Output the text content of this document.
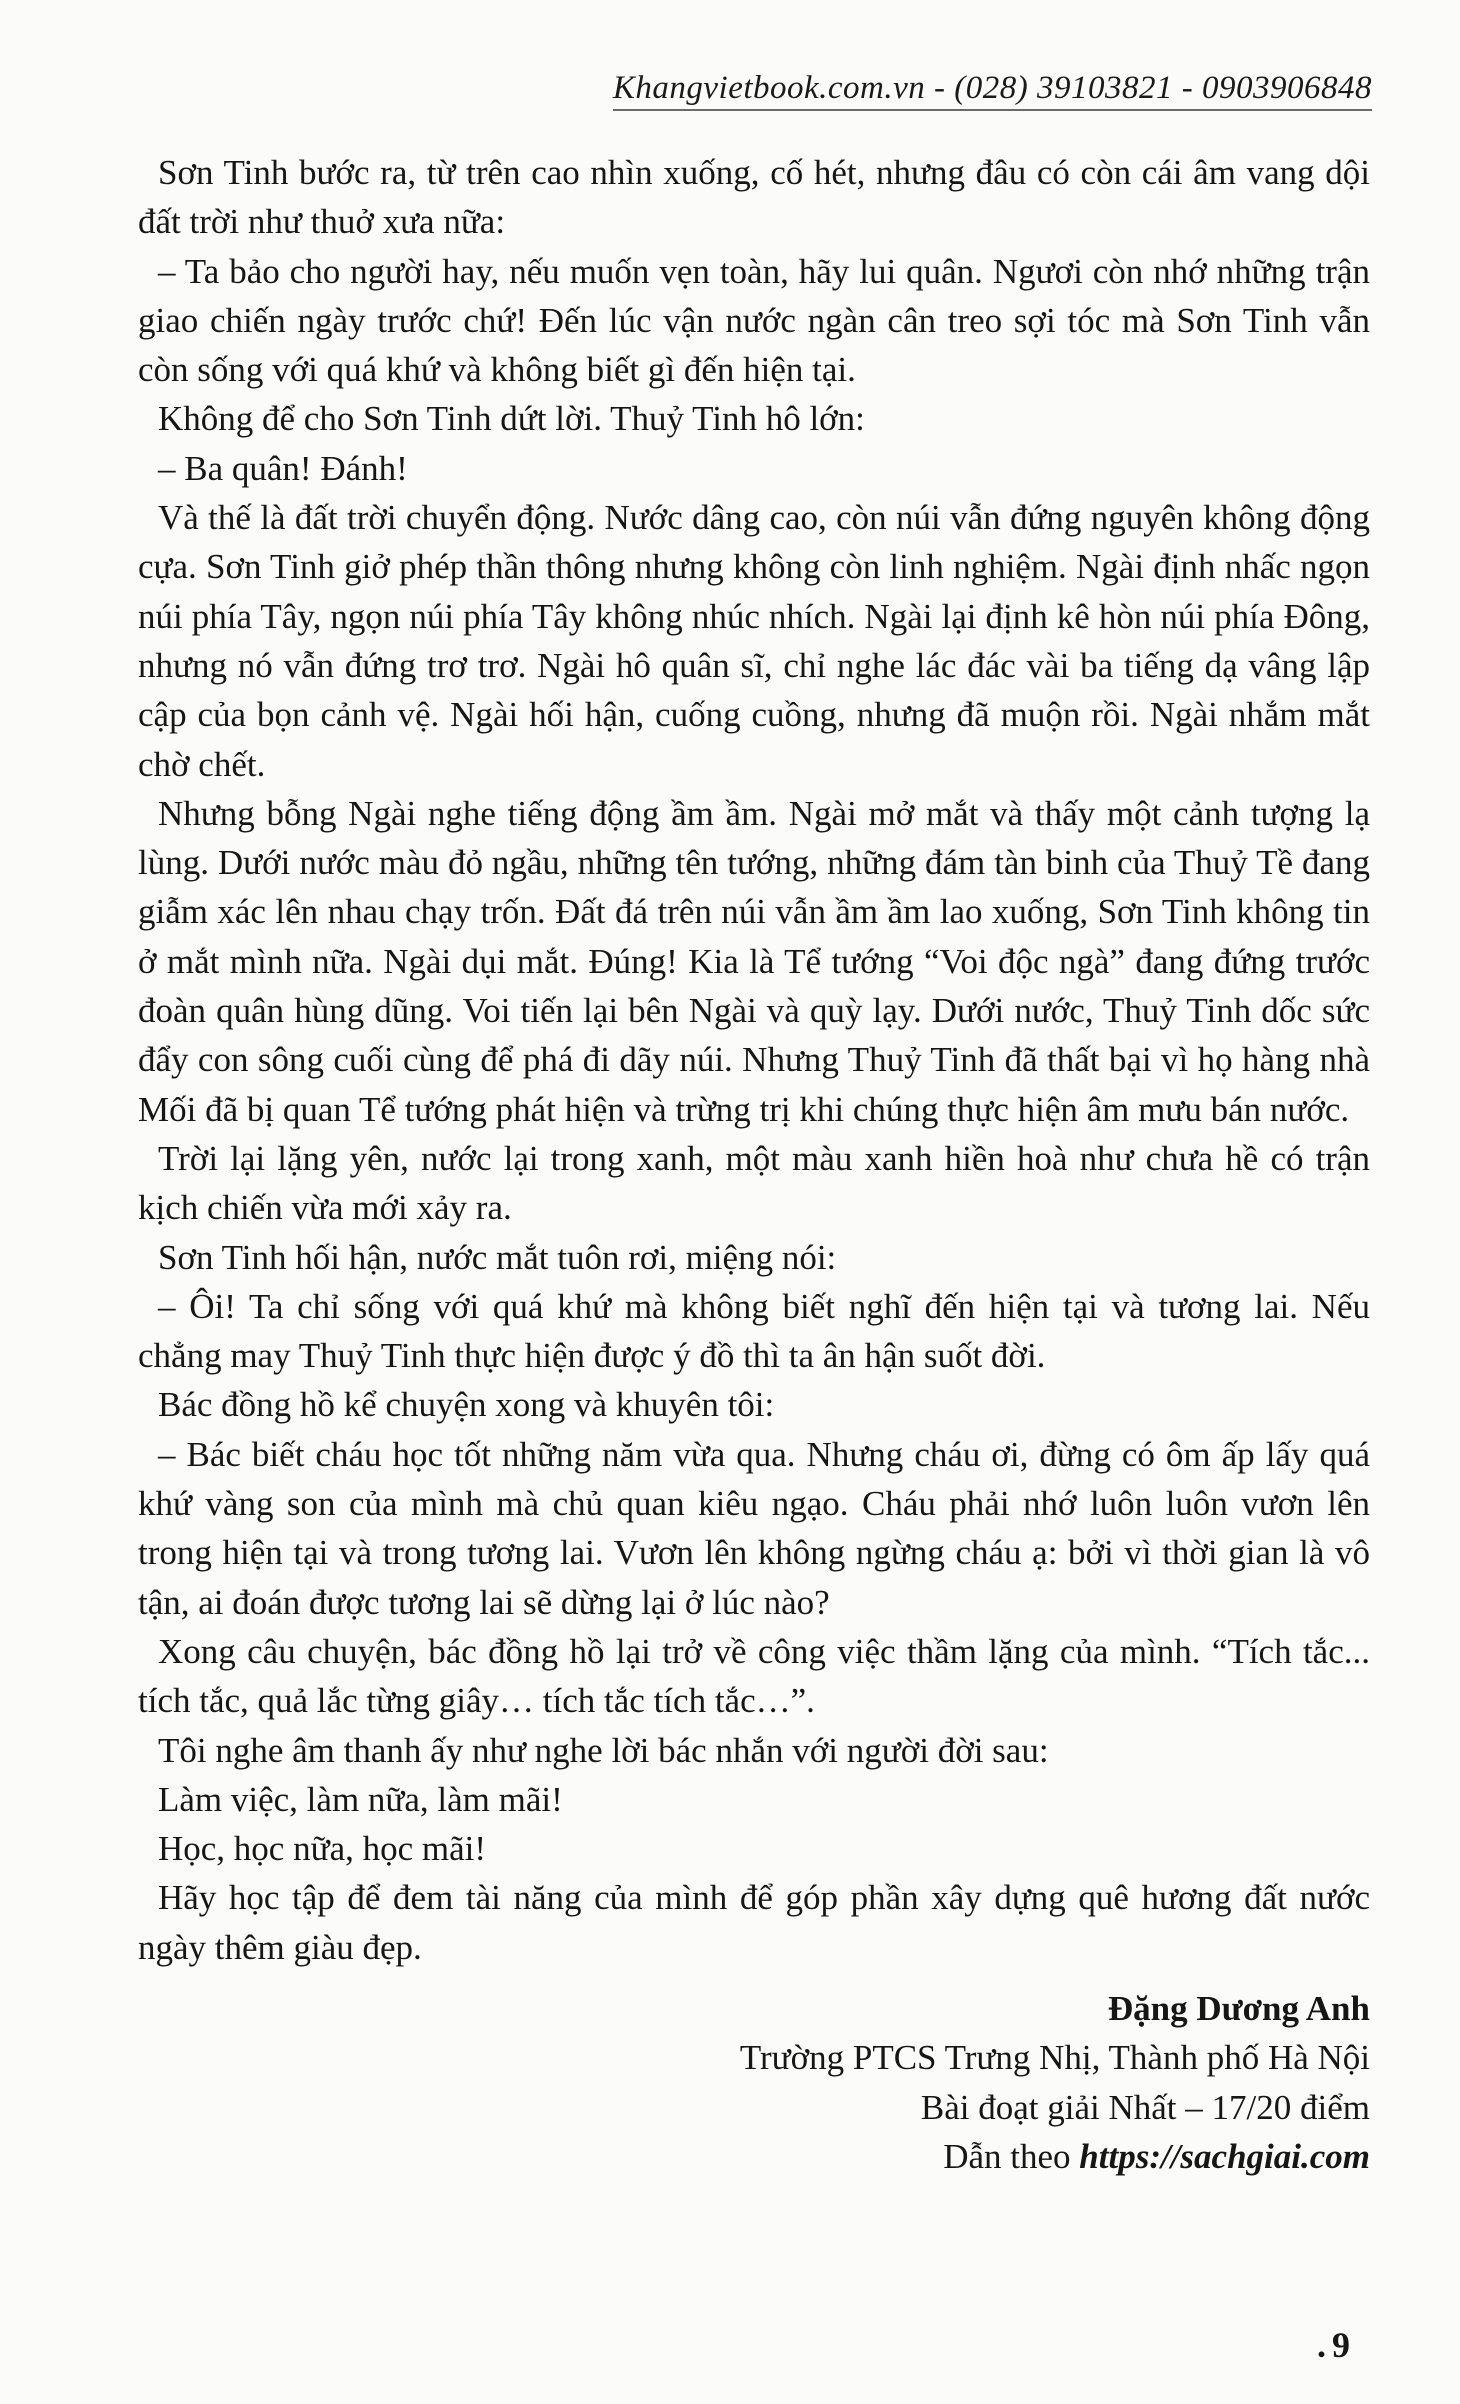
Khangvietbook.com.vn - (028) 39103821 - 0903906848

Sơn Tinh bước ra, từ trên cao nhìn xuống, cố hét, nhưng đâu có còn cái âm vang dội đất trời như thuở xưa nữa:

– Ta bảo cho người hay, nếu muốn vẹn toàn, hãy lui quân. Ngươi còn nhớ những trận giao chiến ngày trước chứ! Đến lúc vận nước ngàn cân treo sợi tóc mà Sơn Tinh vẫn còn sống với quá khứ và không biết gì đến hiện tại.

Không để cho Sơn Tinh dứt lời. Thuỷ Tinh hô lớn:

– Ba quân! Đánh!

Và thế là đất trời chuyển động. Nước dâng cao, còn núi vẫn đứng nguyên không động cựa. Sơn Tinh giở phép thần thông nhưng không còn linh nghiệm. Ngài định nhấc ngọn núi phía Tây, ngọn núi phía Tây không nhúc nhích. Ngài lại định kê hòn núi phía Đông, nhưng nó vẫn đứng trơ trơ. Ngài hô quân sĩ, chỉ nghe lác đác vài ba tiếng dạ vâng lập cập của bọn cảnh vệ. Ngài hối hận, cuống cuồng, nhưng đã muộn rồi. Ngài nhắm mắt chờ chết.

Nhưng bỗng Ngài nghe tiếng động ầm ầm. Ngài mở mắt và thấy một cảnh tượng lạ lùng. Dưới nước màu đỏ ngầu, những tên tướng, những đám tàn binh của Thuỷ Tề đang giẫm xác lên nhau chạy trốn. Đất đá trên núi vẫn ầm ầm lao xuống, Sơn Tinh không tin ở mắt mình nữa. Ngài dụi mắt. Đúng! Kia là Tể tướng “Voi độc ngà” đang đứng trước đoàn quân hùng dũng. Voi tiến lại bên Ngài và quỳ lạy. Dưới nước, Thuỷ Tinh dốc sức đẩy con sông cuối cùng để phá đi dãy núi. Nhưng Thuỷ Tinh đã thất bại vì họ hàng nhà Mối đã bị quan Tể tướng phát hiện và trừng trị khi chúng thực hiện âm mưu bán nước.

Trời lại lặng yên, nước lại trong xanh, một màu xanh hiền hoà như chưa hề có trận kịch chiến vừa mới xảy ra.

Sơn Tinh hối hận, nước mắt tuôn rơi, miệng nói:

– Ôi! Ta chỉ sống với quá khứ mà không biết nghĩ đến hiện tại và tương lai. Nếu chẳng may Thuỷ Tinh thực hiện được ý đồ thì ta ân hận suốt đời.

Bác đồng hồ kể chuyện xong và khuyên tôi:

– Bác biết cháu học tốt những năm vừa qua. Nhưng cháu ơi, đừng có ôm ấp lấy quá khứ vàng son của mình mà chủ quan kiêu ngạo. Cháu phải nhớ luôn luôn vươn lên trong hiện tại và trong tương lai. Vươn lên không ngừng cháu ạ: bởi vì thời gian là vô tận, ai đoán được tương lai sẽ dừng lại ở lúc nào?

Xong câu chuyện, bác đồng hồ lại trở về công việc thầm lặng của mình. “Tích tắc... tích tắc, quả lắc từng giây… tích tắc tích tắc…”.

Tôi nghe âm thanh ấy như nghe lời bác nhắn với người đời sau:

Làm việc, làm nữa, làm mãi!

Học, học nữa, học mãi!

Hãy học tập để đem tài năng của mình để góp phần xây dựng quê hương đất nước ngày thêm giàu đẹp.

Đặng Dương Anh
Trường PTCS Trưng Nhị, Thành phố Hà Nội
Bài đoạt giải Nhất – 17/20 điểm
Dẫn theo https://sachgiai.com
. 9
